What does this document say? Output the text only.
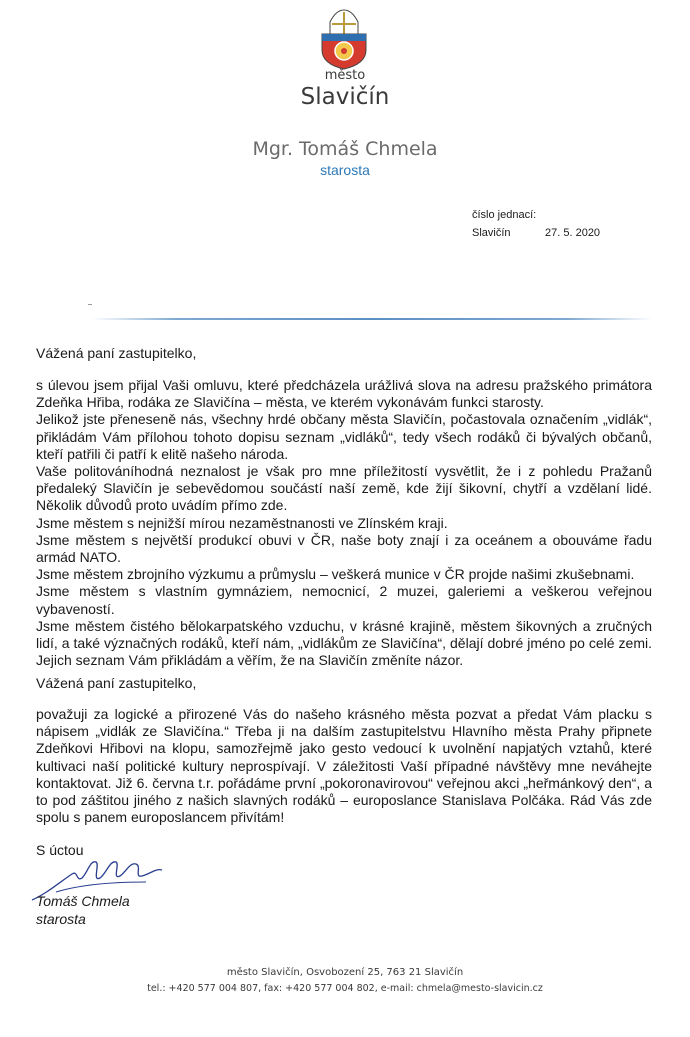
město
Slavičín
Mgr. Tomáš Chmela
starosta
číslo jednací:
Slavičín	27. 5. 2020
Vážená paní zastupitelko,

s úlevou jsem přijal Vaši omluvu, které předcházela urážlivá slova na adresu pražského primátora Zdeňka Hřiba, rodáka ze Slavičína – města, ve kterém vykonávám funkci starosty.

Jelikož jste přeneseně nás, všechny hrdé občany města Slavičín, počastovala označením „vidlák“, přikládám Vám přílohou tohoto dopisu seznam „vidláků“, tedy všech rodáků či bývalých občanů, kteří patřili či patří k elitě našeho národa.

Vaše politováníhodná neznalost je však pro mne příležitostí vysvětlit, že i z pohledu Pražanů předaleký Slavičín je sebevědomou součástí naší země, kde žijí šikovní, chytří a vzdělaní lidé. Několik důvodů proto uvádím přímo zde.

Jsme městem s nejnižší mírou nezaměstnanosti ve Zlínském kraji.

Jsme městem s největší produkcí obuvi v ČR, naše boty znají i za oceánem a obouváme řadu armád NATO.

Jsme městem zbrojního výzkumu a průmyslu – veškerá munice v ČR projde našimi zkušebnami.

Jsme městem s vlastním gymnáziem, nemocnicí, 2 muzei, galeriemi a veškerou veřejnou vybaveností.

Jsme městem čistého bělokarpatského vzduchu, v krásné krajině, městem šikovných a zručných lidí, a také význačných rodáků, kteří nám, „vidlákům ze Slavičína“, dělají dobré jméno po celé zemi. Jejich seznam Vám přikládám a věřím, že na Slavičín změníte názor.

Vážená paní zastupitelko,

považuji za logické a přirozené Vás do našeho krásného města pozvat a předat Vám placku s nápisem „vidlák ze Slavičína.“ Třeba ji na dalším zastupitelstvu Hlavního města Prahy připnete Zdeňkovi Hřibovi na klopu, samozřejmě jako gesto vedoucí k uvolnění napjatých vztahů, které kultivaci naší politické kultury neprospívají. V záležitosti Vaší případné návštěvy mne neváhejte kontaktovat. Již 6. června t.r. pořádáme první „pokoronavirovou“ veřejnou akci „heřmánkový den“, a to pod záštitou jiného z našich slavných rodáků – europoslance Stanislava Polčáka. Rád Vás zde spolu s panem europoslancem přivítám!

S úctou
Tomáš Chmela
starosta
město Slavičín, Osvobození 25, 763 21 Slavičín
tel.: +420 577 004 807, fax: +420 577 004 802, e-mail: chmela@mesto-slavicin.cz
